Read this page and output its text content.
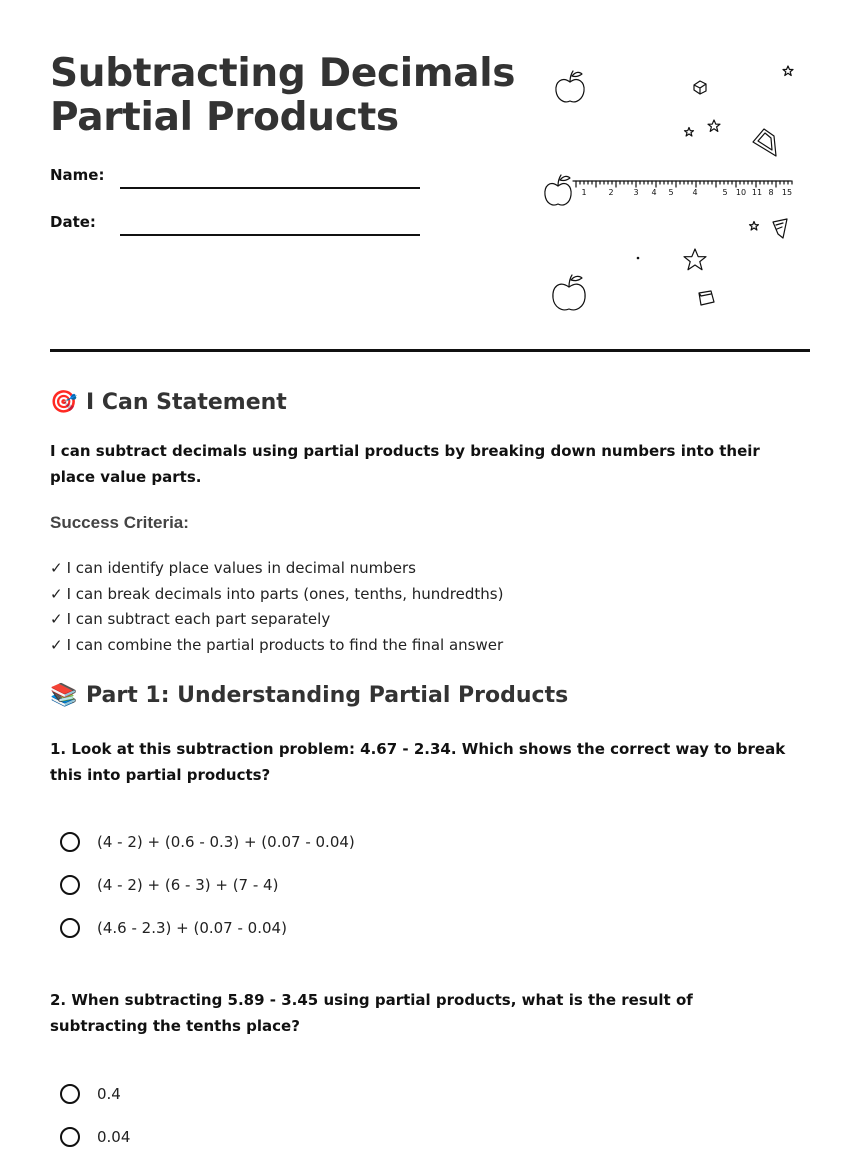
Subtracting Decimals
Partial Products
Name:
Date:
1	2 3 4 5 4	5 10 11 8 15
🎯 I Can Statement

I can subtract decimals using partial products by breaking down numbers into their place value parts.

Success Criteria:
✓ I can identify place values in decimal numbers
✓ I can break decimals into parts (ones, tenths, hundredths)
✓ I can subtract each part separately
✓ I can combine the partial products to find the final answer
📚 Part 1: Understanding Partial Products

1. Look at this subtraction problem: 4.67 - 2.34. Which shows the correct way to break this into partial products?

(4 - 2) + (0.6 - 0.3) + (0.07 - 0.04)
(4 - 2) + (6 - 3) + (7 - 4)
(4.6 - 2.3) + (0.07 - 0.04)

2. When subtracting 5.89 - 3.45 using partial products, what is the result of subtracting the tenths place?

0.4
0.04
